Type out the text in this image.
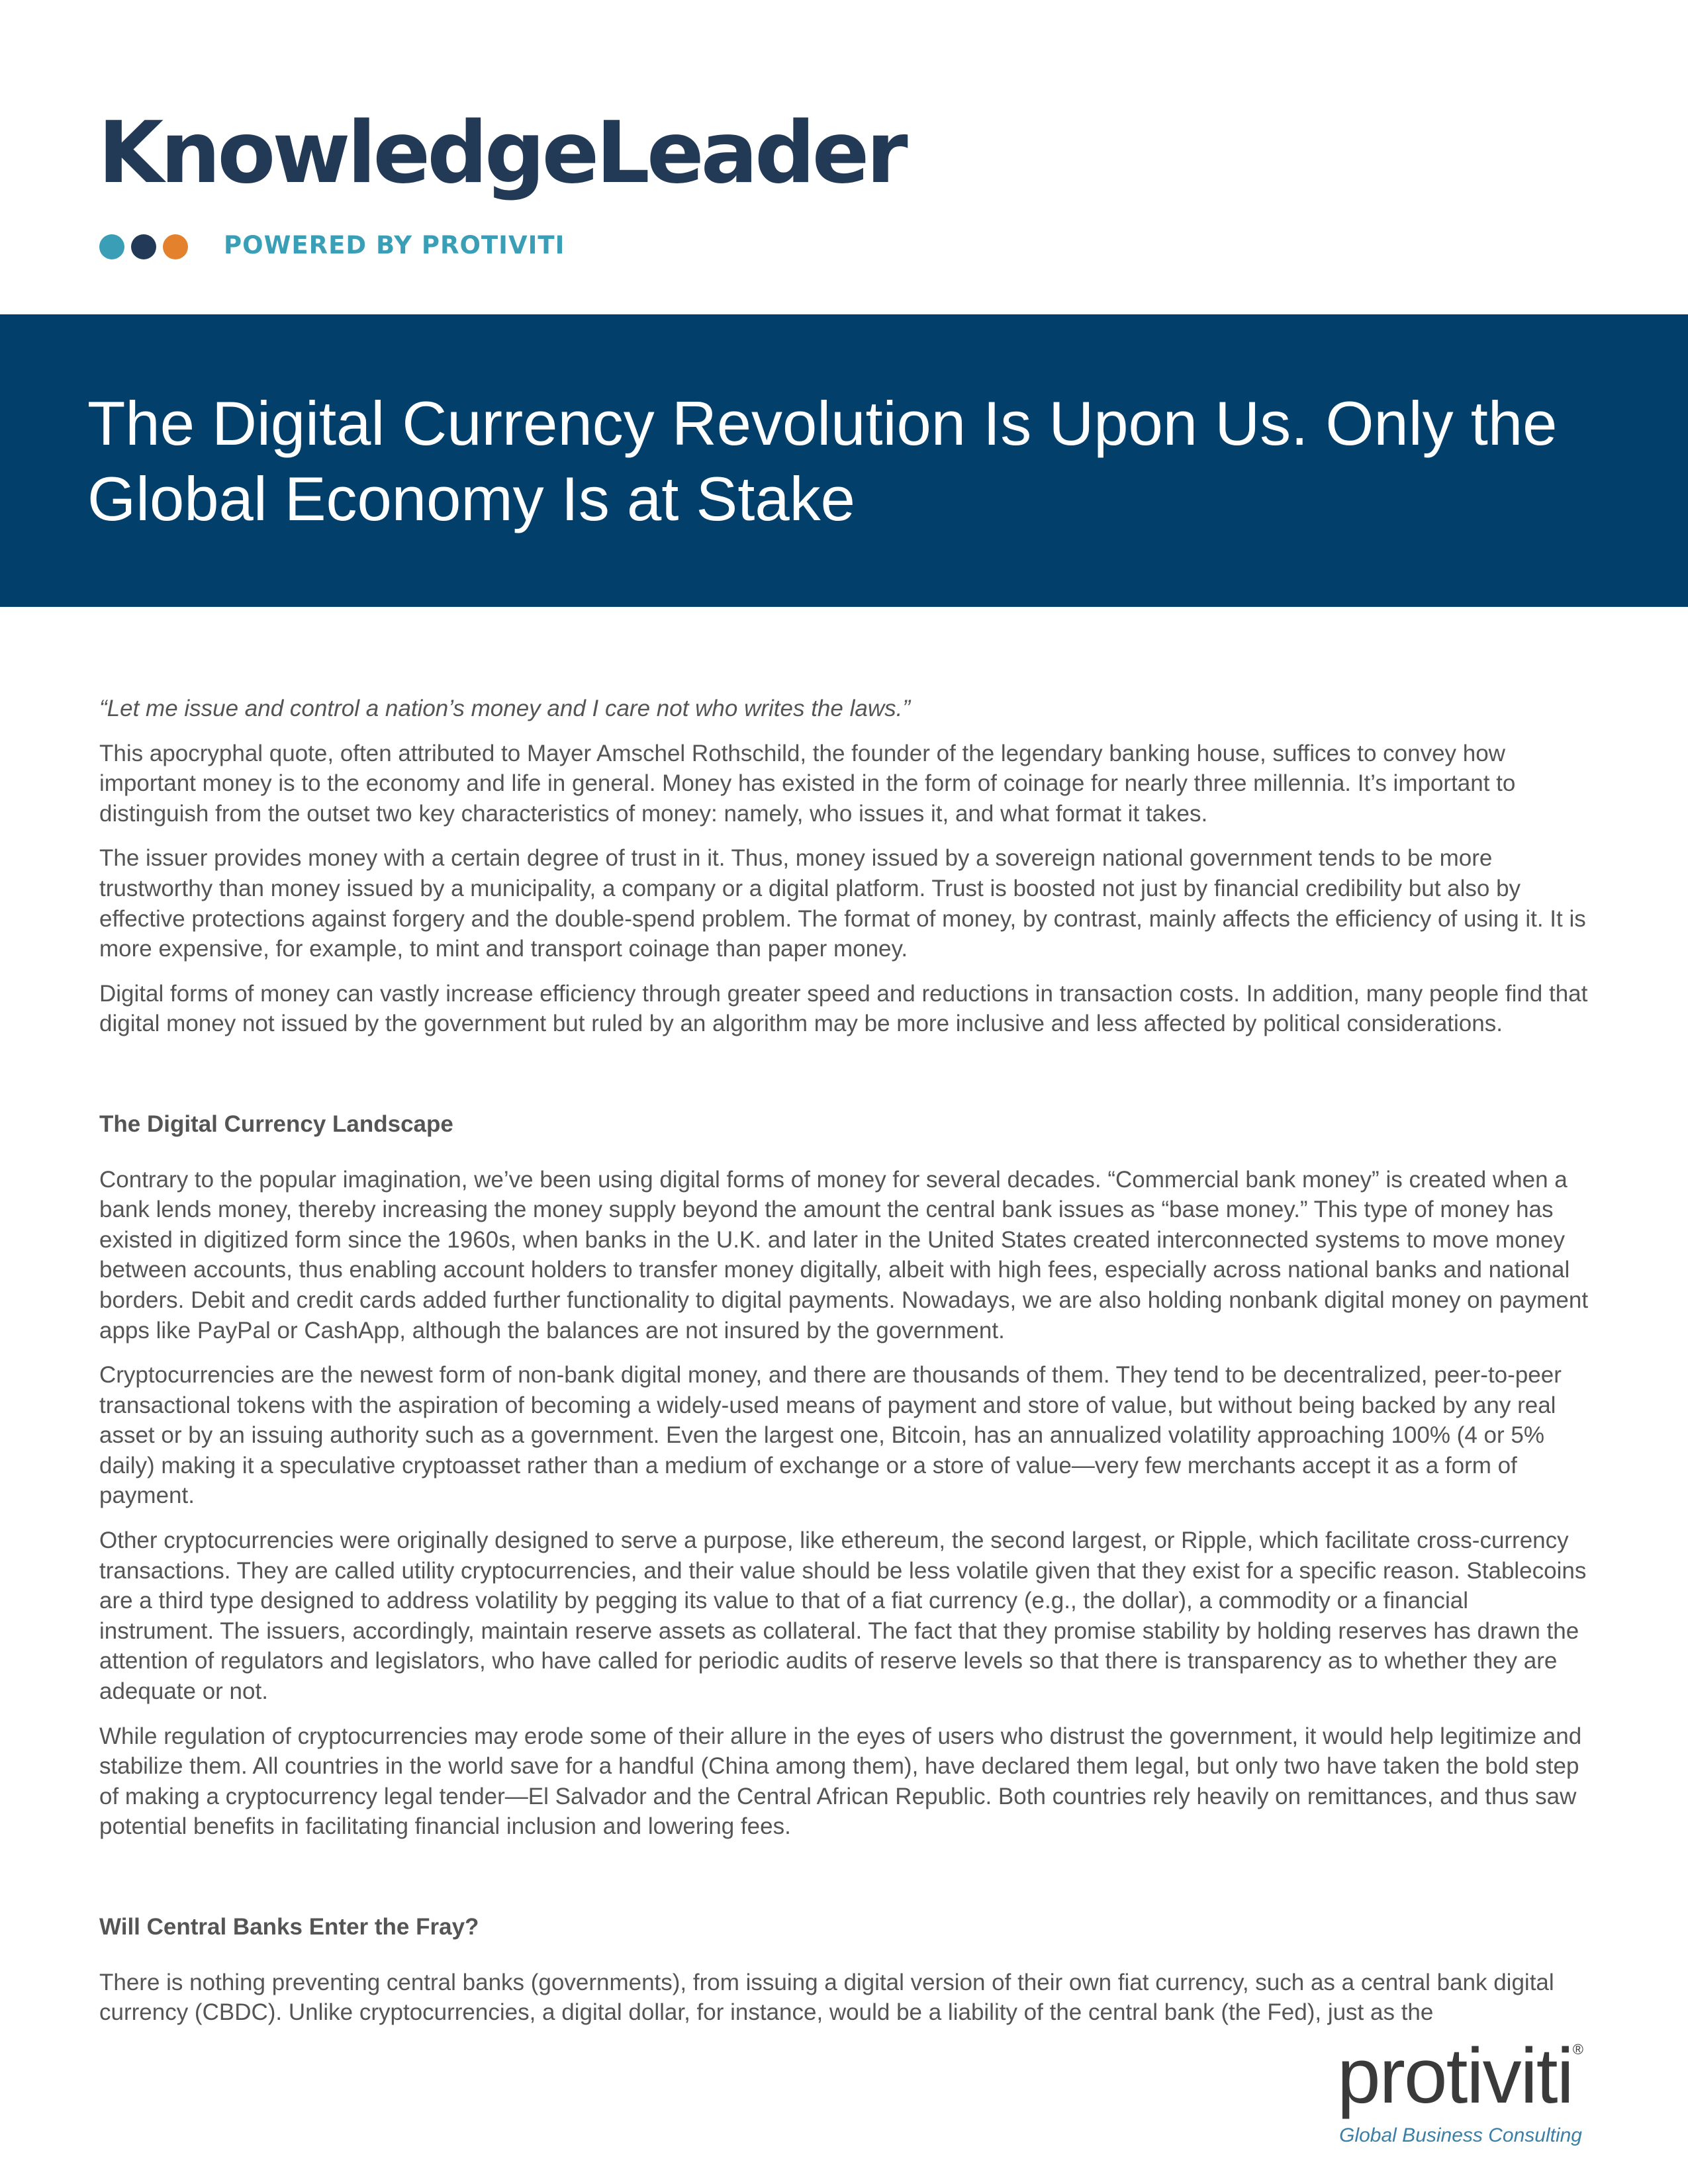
KnowledgeLeader
POWERED BY PROTIVITI
The Digital Currency Revolution Is Upon Us. Only the Global Economy Is at Stake

“Let me issue and control a nation’s money and I care not who writes the laws.”

This apocryphal quote, often attributed to Mayer Amschel Rothschild, the founder of the legendary banking house, suffices to convey how important money is to the economy and life in general. Money has existed in the form of coinage for nearly three millennia. It’s important to distinguish from the outset two key characteristics of money: namely, who issues it, and what format it takes.

The issuer provides money with a certain degree of trust in it. Thus, money issued by a sovereign national government tends to be more trustworthy than money issued by a municipality, a company or a digital platform. Trust is boosted not just by financial credibility but also by effective protections against forgery and the double-spend problem. The format of money, by contrast, mainly affects the efficiency of using it. It is more expensive, for example, to mint and transport coinage than paper money.

Digital forms of money can vastly increase efficiency through greater speed and reductions in transaction costs. In addition, many people find that digital money not issued by the government but ruled by an algorithm may be more inclusive and less affected by political considerations.

The Digital Currency Landscape

Contrary to the popular imagination, we’ve been using digital forms of money for several decades. “Commercial bank money” is created when a bank lends money, thereby increasing the money supply beyond the amount the central bank issues as “base money.” This type of money has existed in digitized form since the 1960s, when banks in the U.K. and later in the United States created interconnected systems to move money between accounts, thus enabling account holders to transfer money digitally, albeit with high fees, especially across national banks and national borders. Debit and credit cards added further functionality to digital payments. Nowadays, we are also holding nonbank digital money on payment apps like PayPal or CashApp, although the balances are not insured by the government.

Cryptocurrencies are the newest form of non-bank digital money, and there are thousands of them. They tend to be decentralized, peer-to-peer transactional tokens with the aspiration of becoming a widely-used means of payment and store of value, but without being backed by any real asset or by an issuing authority such as a government. Even the largest one, Bitcoin, has an annualized volatility approaching 100% (4 or 5% daily) making it a speculative cryptoasset rather than a medium of exchange or a store of value—very few merchants accept it as a form of payment.

Other cryptocurrencies were originally designed to serve a purpose, like ethereum, the second largest, or Ripple, which facilitate cross-currency transactions. They are called utility cryptocurrencies, and their value should be less volatile given that they exist for a specific reason. Stablecoins are a third type designed to address volatility by pegging its value to that of a fiat currency (e.g., the dollar), a commodity or a financial instrument. The issuers, accordingly, maintain reserve assets as collateral. The fact that they promise stability by holding reserves has drawn the attention of regulators and legislators, who have called for periodic audits of reserve levels so that there is transparency as to whether they are adequate or not.

While regulation of cryptocurrencies may erode some of their allure in the eyes of users who distrust the government, it would help legitimize and stabilize them. All countries in the world save for a handful (China among them), have declared them legal, but only two have taken the bold step of making a cryptocurrency legal tender—El Salvador and the Central African Republic. Both countries rely heavily on remittances, and thus saw potential benefits in facilitating financial inclusion and lowering fees.

Will Central Banks Enter the Fray?

There is nothing preventing central banks (governments), from issuing a digital version of their own fiat currency, such as a central bank digital currency (CBDC). Unlike cryptocurrencies, a digital dollar, for instance, would be a liability of the central bank (the Fed), just as the

protiviti®
Global Business Consulting
